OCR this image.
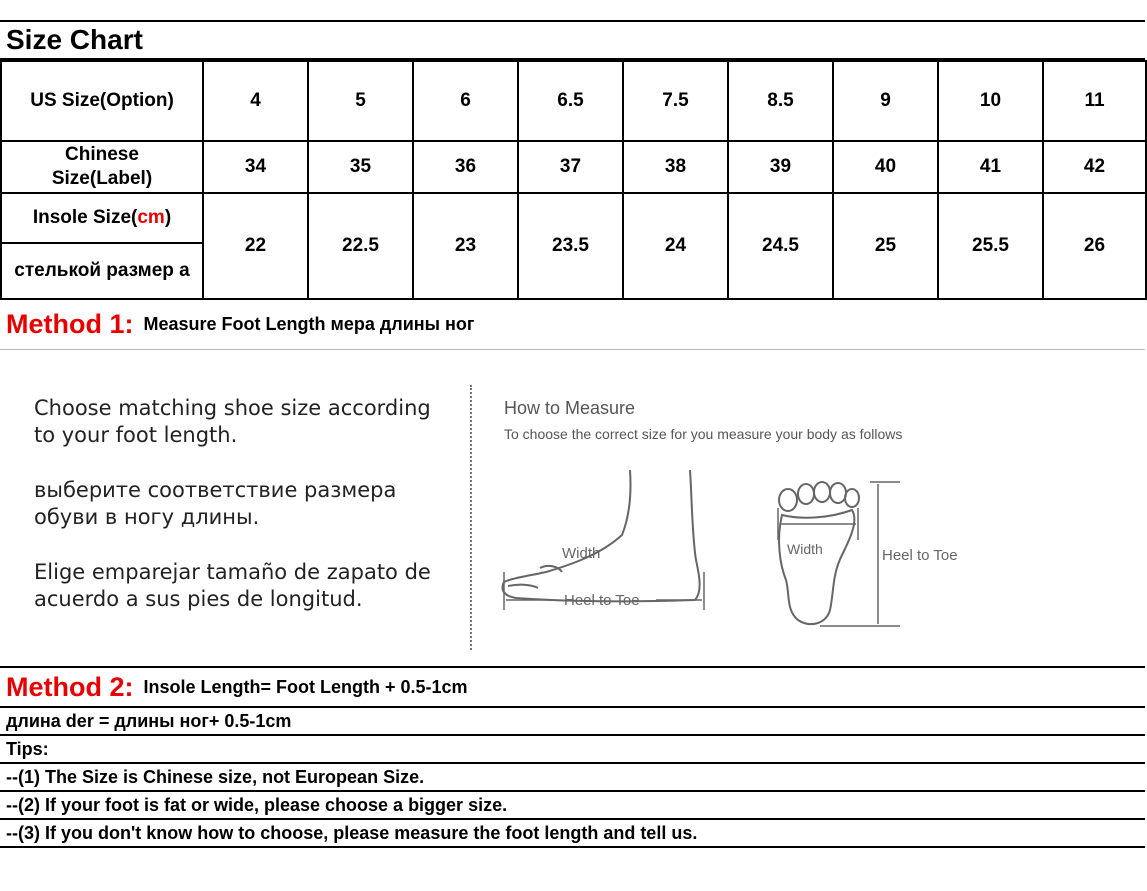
Size Chart
US Size(Option)	4	5	6	6.5	7.5	8.5	9	10	11
Chinese Size(Label)	34	35	36	37	38	39	40	41	42
Insole Size(cm)	22	22.5	23	23.5	24	24.5	25	25.5	26
стелькой размер а									
Method 1: Measure Foot Length мера длины ног

Choose matching shoe size according to your foot length.

выберите соответствие размера обуви в ногу длины.

Elige emparejar tamaño de zapato de acuerdo a sus pies de longitud.

How to Measure
To choose the correct size for you measure your body as follows
Heel to Toe
Width	Width	Heel to Toe
Method 2: Insole Length= Foot Length + 0.5-1cm
длина der = длины ног+ 0.5-1cm
Tips:
--(1) The Size is Chinese size, not European Size.
--(2) If your foot is fat or wide, please choose a bigger size.
--(3) If you don't know how to choose, please measure the foot length and tell us.
